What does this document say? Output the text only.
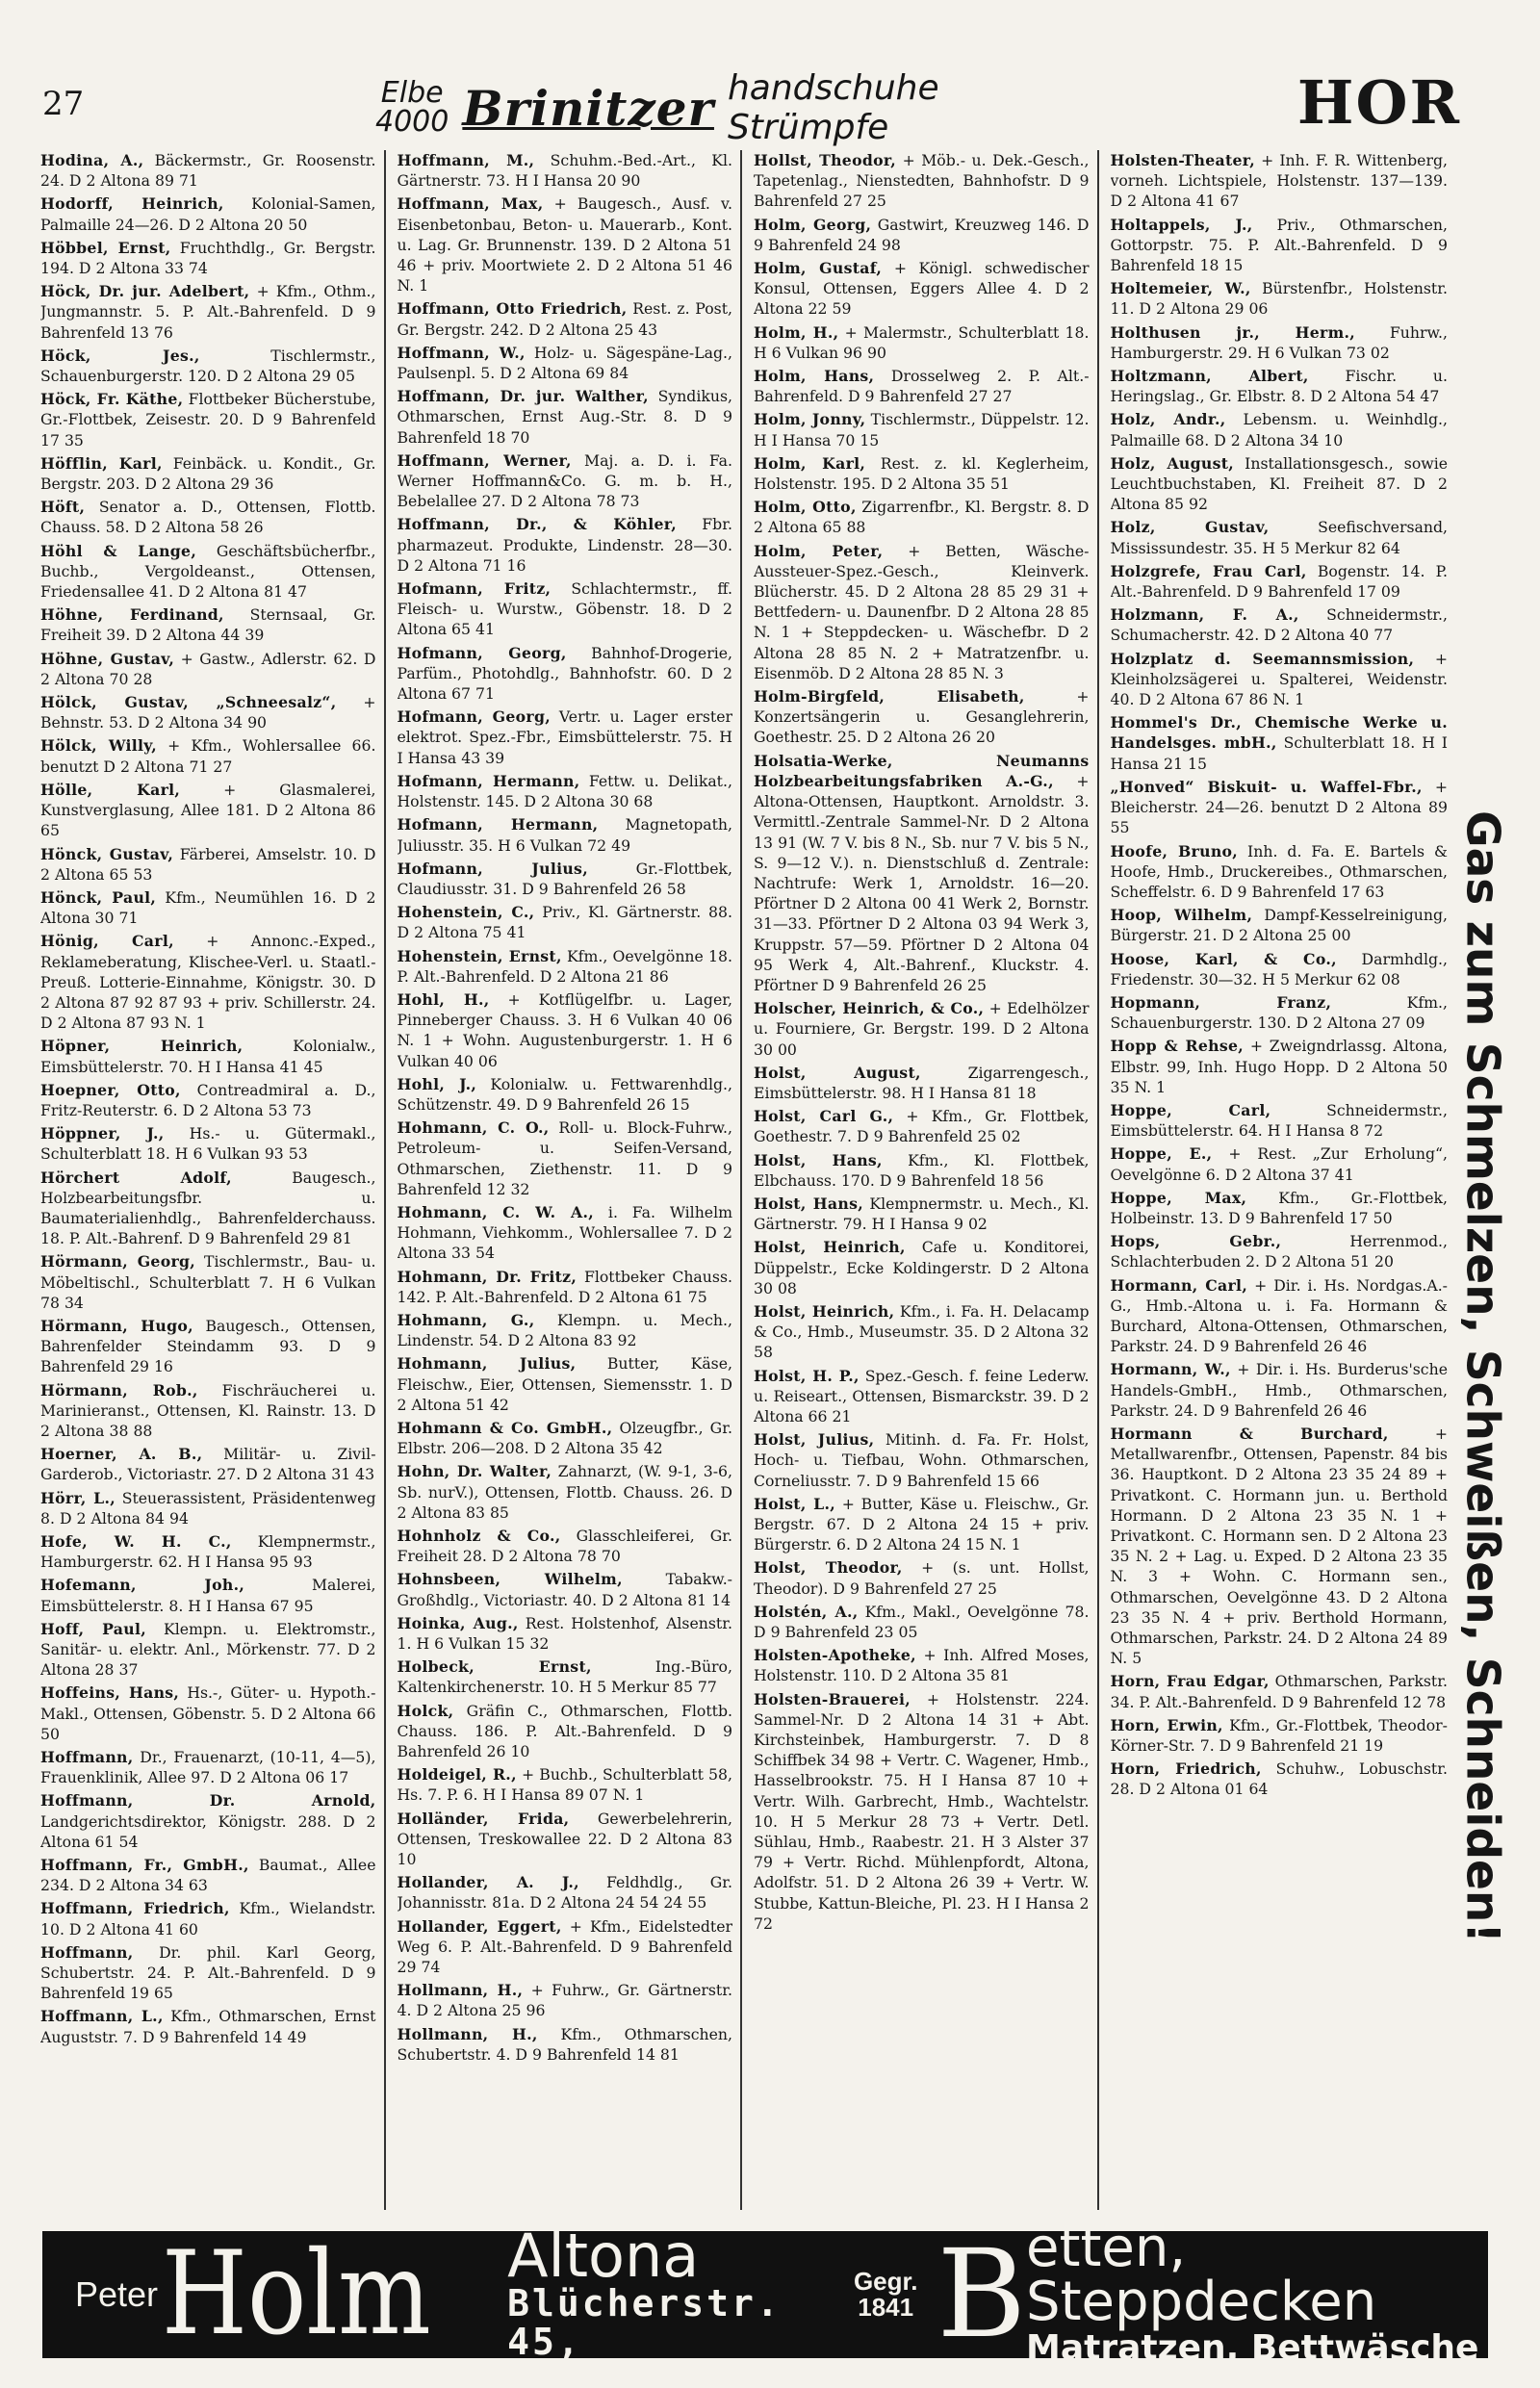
27	Elbe
4000 Brinitzer handschuhe Strümpfe	HOR

Hodina, A., Bäckermstr., Gr. Roosenstr. 24. D 2 Altona 89 71

Hodorff, Heinrich, Kolonial-Samen, Palmaille 24—26. D 2 Altona 20 50

Höbbel, Ernst, Fruchthdlg., Gr. Bergstr. 194. D 2 Altona 33 74

Höck, Dr. jur. Adelbert, + Kfm., Othm., Jungmannstr. 5. P. Alt.-Bahrenfeld. D 9 Bahrenfeld 13 76

Höck, Jes.,	Tischlermstr., Schauenburgerstr. 120. D 2 Altona 29 05

Höck, Fr. Käthe, Flottbeker Bücherstube, Gr.-Flottbek, Zeisestr. 20. D 9 Bahrenfeld 17 35

Höfflin, Karl, Feinbäck. u. Kondit., Gr. Bergstr. 203. D 2 Altona 29 36

Höft, Senator a. D., Ottensen, Flottb. Chauss. 58. D 2 Altona 58 26

Höhl & Lange, Geschäftsbücherfbr., Buchb., Vergoldeanst., Ottensen, Friedensallee 41. D 2 Altona 81 47

Höhne, Ferdinand, Sternsaal, Gr. Freiheit 39. D 2 Altona 44 39

Höhne, Gustav, + Gastw., Adlerstr. 62. D 2 Altona 70 28

Hölck, Gustav, „Schneesalz“, + Behnstr. 53. D 2 Altona 34 90

Hölck, Willy, + Kfm., Wohlersallee 66. benutzt D 2 Altona 71 27

Hölle, Karl,	+ Glasmalerei, Kunstverglasung, Allee 181. D 2 Altona 86 65

Hönck, Gustav, Färberei, Amselstr. 10. D 2 Altona 65 53

Hönck, Paul, Kfm., Neumühlen 16. D 2 Altona 30 71

Hönig, Carl, + Annonc.-Exped., Reklameberatung, Klischee-Verl. u. Staatl.-Preuß. Lotterie-Einnahme, Königstr. 30. D 2 Altona 87 92 87 93 + priv. Schillerstr. 24. D 2 Altona 87 93 N. 1

Höpner, Heinrich,	Kolonialw., Eimsbüttelerstr. 70. H I Hansa 41 45

Hoepner, Otto, Contreadmiral a. D., Fritz-Reuterstr. 6. D 2 Altona 53 73

Höppner, J., Hs.- u. Gütermakl., Schulterblatt 18. H 6 Vulkan 93 53

Hörchert Adolf,	Baugesch., Holzbearbeitungsfbr. u. Baumaterialienhdlg., Bahrenfelderchauss. 18. P. Alt.-Bahrenf. D 9 Bahrenfeld 29 81

Hörmann, Georg, Tischlermstr., Bau- u. Möbeltischl., Schulterblatt 7. H 6 Vulkan 78 34

Hörmann, Hugo, Baugesch., Ottensen, Bahrenfelder Steindamm 93. D 9 Bahrenfeld 29 16

Hörmann, Rob., Fischräucherei u. Marinieranst., Ottensen, Kl. Rainstr. 13. D 2 Altona 38 88

Hoerner, A. B., Militär- u. Zivil-Garderob., Victoriastr. 27. D 2 Altona 31 43

Hörr, L., Steuerassistent, Präsidentenweg 8. D 2 Altona 84 94

Hofe, W. H. C., Klempnermstr., Hamburgerstr. 62. H I Hansa 95 93

Hofemann, Joh.,	Malerei, Eimsbüttelerstr. 8. H I Hansa 67 95

Hoff, Paul, Klempn. u. Elektromstr., Sanitär- u. elektr. Anl., Mörkenstr. 77. D 2 Altona 28 37

Hoffeins, Hans, Hs.-, Güter- u. Hypoth.-Makl., Ottensen, Göbenstr. 5. D 2 Altona 66 50

Hoffmann, Dr., Frauenarzt, (10-11, 4—5), Frauenklinik, Allee 97. D 2 Altona 06 17

Hoffmann, Dr. Arnold, Landgerichtsdirektor, Königstr. 288. D 2 Altona 61 54

Hoffmann, Fr., GmbH., Baumat., Allee 234. D 2 Altona 34 63

Hoffmann, Friedrich, Kfm., Wielandstr. 10. D 2 Altona 41 60

Hoffmann, Dr. phil. Karl Georg, Schubertstr. 24. P. Alt.-Bahrenfeld. D 9 Bahrenfeld 19 65

Hoffmann, L., Kfm., Othmarschen, Ernst Auguststr. 7. D 9 Bahrenfeld 14 49

Hoffmann, M., Schuhm.-Bed.-Art., Kl. Gärtnerstr. 73. H I Hansa 20 90

Hoffmann, Max, + Baugesch., Ausf. v. Eisenbetonbau, Beton- u. Mauerarb., Kont. u. Lag. Gr. Brunnenstr. 139. D 2 Altona 51 46 + priv. Moortwiete 2. D 2 Altona 51 46 N. 1

Hoffmann, Otto Friedrich, Rest. z. Post, Gr. Bergstr. 242. D 2 Altona 25 43

Hoffmann, W., Holz- u. Sägespäne-Lag., Paulsenpl. 5. D 2 Altona 69 84

Hoffmann, Dr. jur. Walther, Syndikus, Othmarschen, Ernst Aug.-Str. 8. D 9 Bahrenfeld 18 70

Hoffmann, Werner, Maj. a. D. i. Fa. Werner Hoffmann&Co. G. m. b. H., Bebelallee 27. D 2 Altona 78 73

Hoffmann, Dr., & Köhler, Fbr. pharmazeut. Produkte, Lindenstr. 28—30. D 2 Altona 71 16

Hofmann, Fritz, Schlachtermstr., ff. Fleisch- u. Wurstw., Göbenstr. 18. D 2 Altona 65 41

Hofmann, Georg, Bahnhof-Drogerie, Parfüm., Photohdlg., Bahnhofstr. 60. D 2 Altona 67 71

Hofmann, Georg, Vertr. u. Lager erster elektrot. Spez.-Fbr., Eimsbüttelerstr. 75. H I Hansa 43 39

Hofmann, Hermann, Fettw. u. Delikat., Holstenstr. 145. D 2 Altona 30 68

Hofmann, Hermann, Magnetopath, Juliusstr. 35. H 6 Vulkan 72 49

Hofmann, Julius,	Gr.-Flottbek, Claudiusstr. 31. D 9 Bahrenfeld 26 58

Hohenstein, C., Priv., Kl. Gärtnerstr. 88. D 2 Altona 75 41

Hohenstein, Ernst, Kfm., Oevelgönne 18. P. Alt.-Bahrenfeld. D 2 Altona 21 86

Hohl, H., + Kotflügelfbr. u. Lager, Pinneberger Chauss. 3. H 6 Vulkan 40 06 N. 1 + Wohn. Augustenburgerstr. 1. H 6 Vulkan 40 06

Hohl, J., Kolonialw. u. Fettwarenhdlg., Schützenstr. 49. D 9 Bahrenfeld 26 15

Hohmann, C. O., Roll- u. Block-Fuhrw., Petroleum- u. Seifen-Versand, Othmarschen, Ziethenstr. 11. D 9 Bahrenfeld 12 32

Hohmann, C. W. A., i. Fa. Wilhelm Hohmann, Viehkomm., Wohlersallee 7. D 2 Altona 33 54

Hohmann, Dr. Fritz, Flottbeker Chauss. 142. P. Alt.-Bahrenfeld. D 2 Altona 61 75

Hohmann, G., Klempn. u. Mech., Lindenstr. 54. D 2 Altona 83 92

Hohmann, Julius, Butter, Käse, Fleischw., Eier, Ottensen, Siemensstr. 1. D 2 Altona 51 42

Hohmann & Co. GmbH., Olzeugfbr., Gr. Elbstr. 206—208. D 2 Altona 35 42

Hohn, Dr. Walter, Zahnarzt, (W. 9-1, 3-6, Sb. nurV.), Ottensen, Flottb. Chauss. 26. D 2 Altona 83 85

Hohnholz & Co., Glasschleiferei, Gr. Freiheit 28. D 2 Altona 78 70

Hohnsbeen, Wilhelm,	Tabakw.-Großhdlg., Victoriastr. 40. D 2 Altona 81 14

Hoinka, Aug., Rest. Holstenhof, Alsenstr. 1. H 6 Vulkan 15 32

Holbeck, Ernst,	Ing.-Büro, Kaltenkirchenerstr. 10. H 5 Merkur 85 77

Holck, Gräfin C., Othmarschen, Flottb. Chauss. 186. P. Alt.-Bahrenfeld. D 9 Bahrenfeld 26 10

Holdeigel, R., + Buchb., Schulterblatt 58, Hs. 7. P. 6. H I Hansa 89 07 N. 1

Holländer, Frida, Gewerbelehrerin, Ottensen, Treskowallee 22. D 2 Altona 83 10

Hollander, A. J., Feldhdlg., Gr. Johannisstr. 81a. D 2 Altona 24 54 24 55

Hollander, Eggert, + Kfm., Eidelstedter Weg 6. P. Alt.-Bahrenfeld. D 9 Bahrenfeld 29 74

Hollmann, H., + Fuhrw., Gr. Gärtnerstr. 4. D 2 Altona 25 96

Hollmann, H., Kfm., Othmarschen, Schubertstr. 4. D 9 Bahrenfeld 14 81

Hollst, Theodor, + Möb.- u. Dek.-Gesch., Tapetenlag., Nienstedten, Bahnhofstr. D 9 Bahrenfeld 27 25

Holm, Georg, Gastwirt, Kreuzweg 146. D 9 Bahrenfeld 24 98

Holm, Gustaf, + Königl. schwedischer Konsul, Ottensen, Eggers Allee 4. D 2 Altona 22 59

Holm, H., + Malermstr., Schulterblatt 18. H 6 Vulkan 96 90

Holm, Hans, Drosselweg 2. P. Alt.-Bahrenfeld. D 9 Bahrenfeld 27 27

Holm, Jonny, Tischlermstr., Düppelstr. 12. H I Hansa 70 15

Holm, Karl, Rest. z. kl. Keglerheim, Holstenstr. 195. D 2 Altona 35 51

Holm, Otto, Zigarrenfbr., Kl. Bergstr. 8. D 2 Altona 65 88

Holm, Peter, + Betten, Wäsche-Aussteuer-Spez.-Gesch., Kleinverk. Blücherstr. 45. D 2 Altona 28 85 29 31 + Bettfedern- u. Daunenfbr. D 2 Altona 28 85 N. 1 + Steppdecken- u. Wäschefbr. D 2 Altona 28 85 N. 2 + Matratzenfbr. u. Eisenmöb. D 2 Altona 28 85 N. 3

Holm-Birgfeld, Elisabeth,	+ Konzertsängerin u. Gesanglehrerin, Goethestr. 25. D 2 Altona 26 20

Holsatia-Werke, Neumanns Holzbearbeitungsfabriken A.-G., + Altona-Ottensen, Hauptkont. Arnoldstr. 3. Vermittl.-Zentrale Sammel-Nr. D 2 Altona 13 91 (W. 7 V. bis 8 N., Sb. nur 7 V. bis 5 N., S. 9—12 V.). n. Dienstschluß d. Zentrale: Nachtrufe: Werk 1, Arnoldstr. 16—20. Pförtner D 2 Altona 00 41 Werk 2, Bornstr. 31—33. Pförtner D 2 Altona 03 94 Werk 3, Kruppstr. 57—59. Pförtner D 2 Altona 04 95 Werk 4, Alt.-Bahrenf., Kluckstr. 4. Pförtner D 9 Bahrenfeld 26 25

Holscher, Heinrich, & Co., + Edelhölzer u. Fourniere, Gr. Bergstr. 199. D 2 Altona 30 00

Holst, August,	Zigarrengesch., Eimsbüttelerstr. 98. H I Hansa 81 18

Holst, Carl G., + Kfm., Gr. Flottbek, Goethestr. 7. D 9 Bahrenfeld 25 02

Holst, Hans, Kfm., Kl. Flottbek, Elbchauss. 170. D 9 Bahrenfeld 18 56

Holst, Hans, Klempnermstr. u. Mech., Kl. Gärtnerstr. 79. H I Hansa 9 02

Holst, Heinrich, Cafe u. Konditorei, Düppelstr., Ecke Koldingerstr. D 2 Altona 30 08

Holst, Heinrich, Kfm., i. Fa. H. Delacamp & Co., Hmb., Museumstr. 35. D 2 Altona 32 58

Holst, H. P., Spez.-Gesch. f. feine Lederw. u. Reiseart., Ottensen, Bismarckstr. 39. D 2 Altona 66 21

Holst, Julius, Mitinh. d. Fa. Fr. Holst, Hoch- u. Tiefbau, Wohn. Othmarschen, Corneliusstr. 7. D 9 Bahrenfeld 15 66

Holst, L., + Butter, Käse u. Fleischw., Gr. Bergstr. 67. D 2 Altona 24 15 + priv. Bürgerstr. 6. D 2 Altona 24 15 N. 1

Holst, Theodor, + (s. unt. Hollst, Theodor). D 9 Bahrenfeld 27 25

Holstén, A., Kfm., Makl., Oevelgönne 78. D 9 Bahrenfeld 23 05

Holsten-Apotheke, + Inh. Alfred Moses, Holstenstr. 110. D 2 Altona 35 81

Holsten-Brauerei, + Holstenstr. 224. Sammel-Nr. D 2 Altona 14 31 + Abt. Kirchsteinbek, Hamburgerstr. 7. D 8 Schiffbek 34 98 + Vertr. C. Wagener, Hmb., Hasselbrookstr. 75. H I Hansa 87 10 + Vertr. Wilh. Garbrecht, Hmb., Wachtelstr. 10. H 5 Merkur 28 73 + Vertr. Detl. Sühlau, Hmb., Raabestr. 21. H 3 Alster 37 79 + Vertr. Richd. Mühlenpfordt, Altona, Adolfstr. 51. D 2 Altona 26 39 + Vertr. W. Stubbe, Kattun-Bleiche, Pl. 23. H I Hansa 2 72

Holsten-Theater, + Inh. F. R. Wittenberg, vorneh. Lichtspiele, Holstenstr. 137—139. D 2 Altona 41 67

Holtappels, J., Priv., Othmarschen, Gottorpstr. 75. P. Alt.-Bahrenfeld. D 9 Bahrenfeld 18 15

Holtemeier, W., Bürstenfbr., Holstenstr. 11. D 2 Altona 29 06

Holthusen jr., Herm., Fuhrw., Hamburgerstr. 29. H 6 Vulkan 73 02

Holtzmann, Albert, Fischr. u. Heringslag., Gr. Elbstr. 8. D 2 Altona 54 47

Holz, Andr., Lebensm. u. Weinhdlg., Palmaille 68. D 2 Altona 34 10

Holz, August, Installationsgesch., sowie Leuchtbuchstaben, Kl. Freiheit 87. D 2 Altona 85 92

Holz, Gustav,	Seefischversand, Mississundestr. 35. H 5 Merkur 82 64

Holzgrefe, Frau Carl, Bogenstr. 14. P. Alt.-Bahrenfeld. D 9 Bahrenfeld 17 09

Holzmann, F. A., Schneidermstr., Schumacherstr. 42. D 2 Altona 40 77

Holzplatz d. Seemannsmission, + Kleinholzsägerei u. Spalterei, Weidenstr. 40. D 2 Altona 67 86 N. 1

Hommel's Dr., Chemische Werke u. Handelsges. mbH., Schulterblatt 18. H I Hansa 21 15

„Honved“ Biskuit- u. Waffel-Fbr., + Bleicherstr. 24—26. benutzt D 2 Altona 89 55

Hoofe, Bruno, Inh. d. Fa. E. Bartels & Hoofe, Hmb., Druckereibes., Othmarschen, Scheffelstr. 6. D 9 Bahrenfeld 17 63

Hoop, Wilhelm, Dampf-Kesselreinigung, Bürgerstr. 21. D 2 Altona 25 00

Hoose, Karl, & Co., Darmhdlg., Friedenstr. 30—32. H 5 Merkur 62 08

Hopmann, Franz,	Kfm., Schauenburgerstr. 130. D 2 Altona 27 09

Hopp & Rehse, + Zweigndrlassg. Altona, Elbstr. 99, Inh. Hugo Hopp. D 2 Altona 50 35 N. 1

Hoppe, Carl,	Schneidermstr., Eimsbüttelerstr. 64. H I Hansa 8 72

Hoppe, E., + Rest. „Zur Erholung“, Oevelgönne 6. D 2 Altona 37 41

Hoppe, Max, Kfm., Gr.-Flottbek, Holbeinstr. 13. D 9 Bahrenfeld 17 50

Hops, Gebr.,	Herrenmod., Schlachterbuden 2. D 2 Altona 51 20

Hormann, Carl, + Dir. i. Hs. Nordgas.A.-G., Hmb.-Altona u. i. Fa. Hormann & Burchard, Altona-Ottensen, Othmarschen, Parkstr. 24. D 9 Bahrenfeld 26 46

Hormann, W., + Dir. i. Hs. Burderus'sche Handels-GmbH., Hmb., Othmarschen, Parkstr. 24. D 9 Bahrenfeld 26 46

Hormann & Burchard,	+ Metallwarenfbr., Ottensen, Papenstr. 84 bis 36. Hauptkont. D 2 Altona 23 35 24 89 + Privatkont. C. Hormann jun. u. Berthold Hormann. D 2 Altona 23 35 N. 1 + Privatkont. C. Hormann sen. D 2 Altona 23 35 N. 2 + Lag. u. Exped. D 2 Altona 23 35 N. 3 + Wohn. C. Hormann sen., Othmarschen, Oevelgönne 43. D 2 Altona 23 35 N. 4 + priv. Berthold Hormann, Othmarschen, Parkstr. 24. D 2 Altona 24 89 N. 5

Horn, Frau Edgar, Othmarschen, Parkstr. 34. P. Alt.-Bahrenfeld. D 9 Bahrenfeld 12 78

Horn, Erwin, Kfm., Gr.-Flottbek, Theodor-Körner-Str. 7. D 9 Bahrenfeld 21 19

Horn, Friedrich, Schuhw., Lobuschstr. 28. D 2 Altona 01 64	Gas zum Schmelzen, Schweißen, Schneiden!
Peter Holm	Altona
Blücherstr. 45,
Gegr.
1841 B etten, Steppdecken
Matratzen, Bettwäsche
